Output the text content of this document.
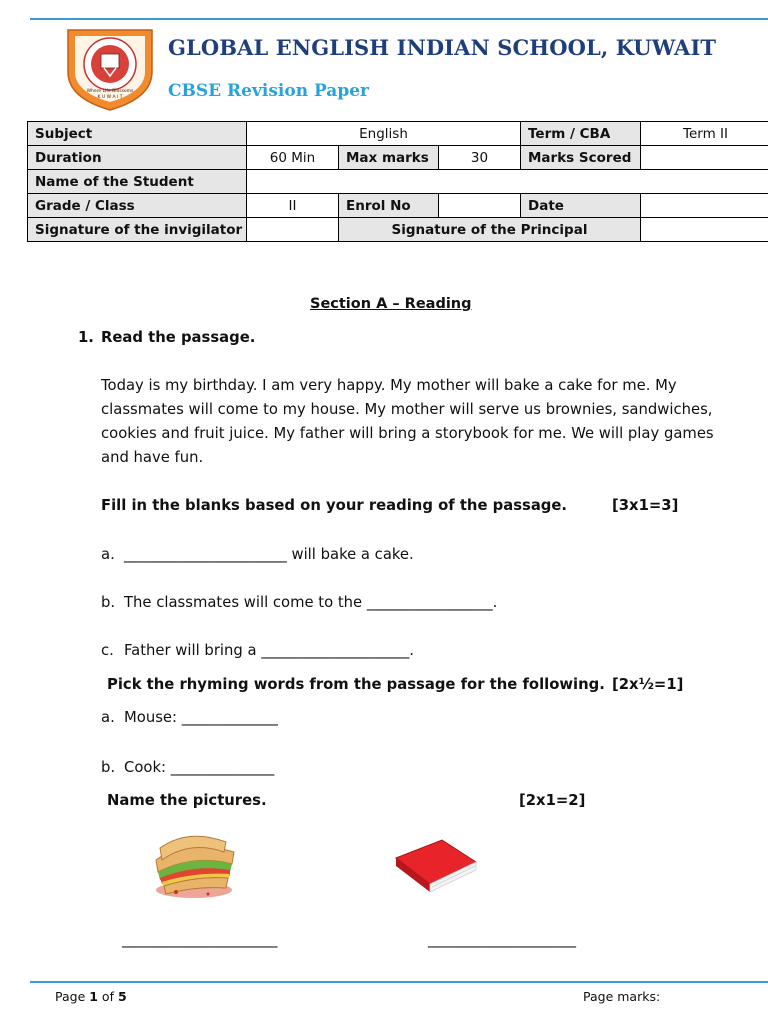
Where Life Blossoms
K U W A I T
GLOBAL ENGLISH INDIAN SCHOOL, KUWAIT
CBSE Revision Paper
Subject	English			Term / CBA	Term II
Duration	60 Min	Max marks	30	Marks Scored	
Name of the Student					
Grade / Class	II	Enrol No		Date	
Signature of the invigilator		Signature of the Principal			
Section A – Reading
1. Read the passage.
Today is my birthday. I am very happy. My mother will bake a cake for me. My
classmates will come to my house. My mother will serve us brownies, sandwiches,
cookies and fruit juice. My father will bring a storybook for me. We will play games
and have fun.
Fill in the blanks based on your reading of the passage.	[3x1=3]
a. ______________________ will bake a cake.
b. The classmates will come to the _________________.
c. Father will bring a ____________________.
Pick the rhyming words from the passage for the following. [2x½=1]
a. Mouse: _____________
b. Cook: ______________
Name the pictures.	[2x1=2]
_____________________	____________________
Page 1 of 5	Page marks:
